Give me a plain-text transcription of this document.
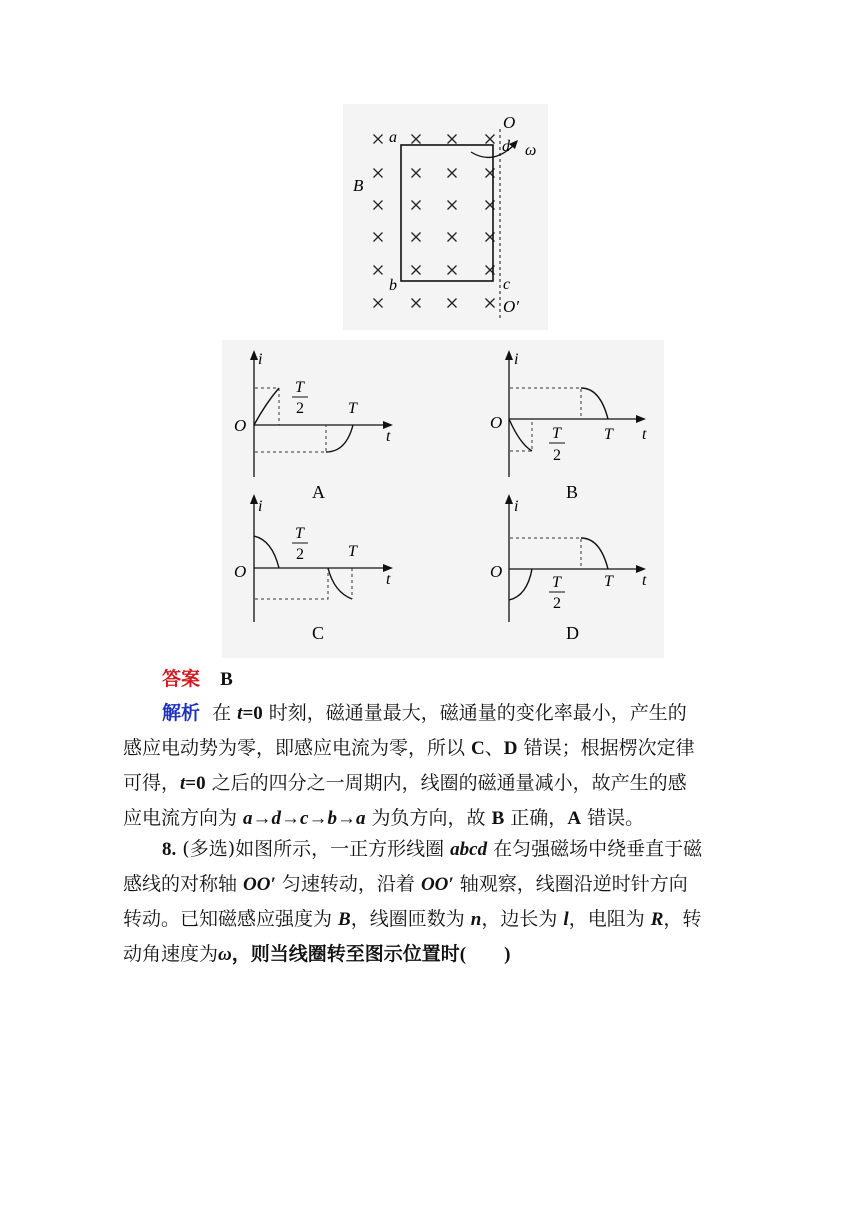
O
a
d ω
B
b	c
O′
i
O
t
T
2	T
A
i
O
t
T
2
T
B
i
O	t
T
2	T
C
i
O	t
T
2
T
D
答案 B
解析 在 t=0 时刻，磁通量最大，磁通量的变化率最小，产生的
感应电动势为零，即感应电流为零，所以 C、D 错误；根据楞次定律
可得，t=0 之后的四分之一周期内，线圈的磁通量减小，故产生的感
应电流方向为 a→d→c→b→a 为负方向，故 B 正确，A 错误。
8. (多选)如图所示，一正方形线圈 abcd 在匀强磁场中绕垂直于磁
感线的对称轴 OO′ 匀速转动，沿着 OO′ 轴观察，线圈沿逆时针方向
转动。已知磁感应强度为 B，线圈匝数为 n，边长为 l，电阻为 R，转
动角速度为ω，则当线圈转至图示位置时(　　 )
